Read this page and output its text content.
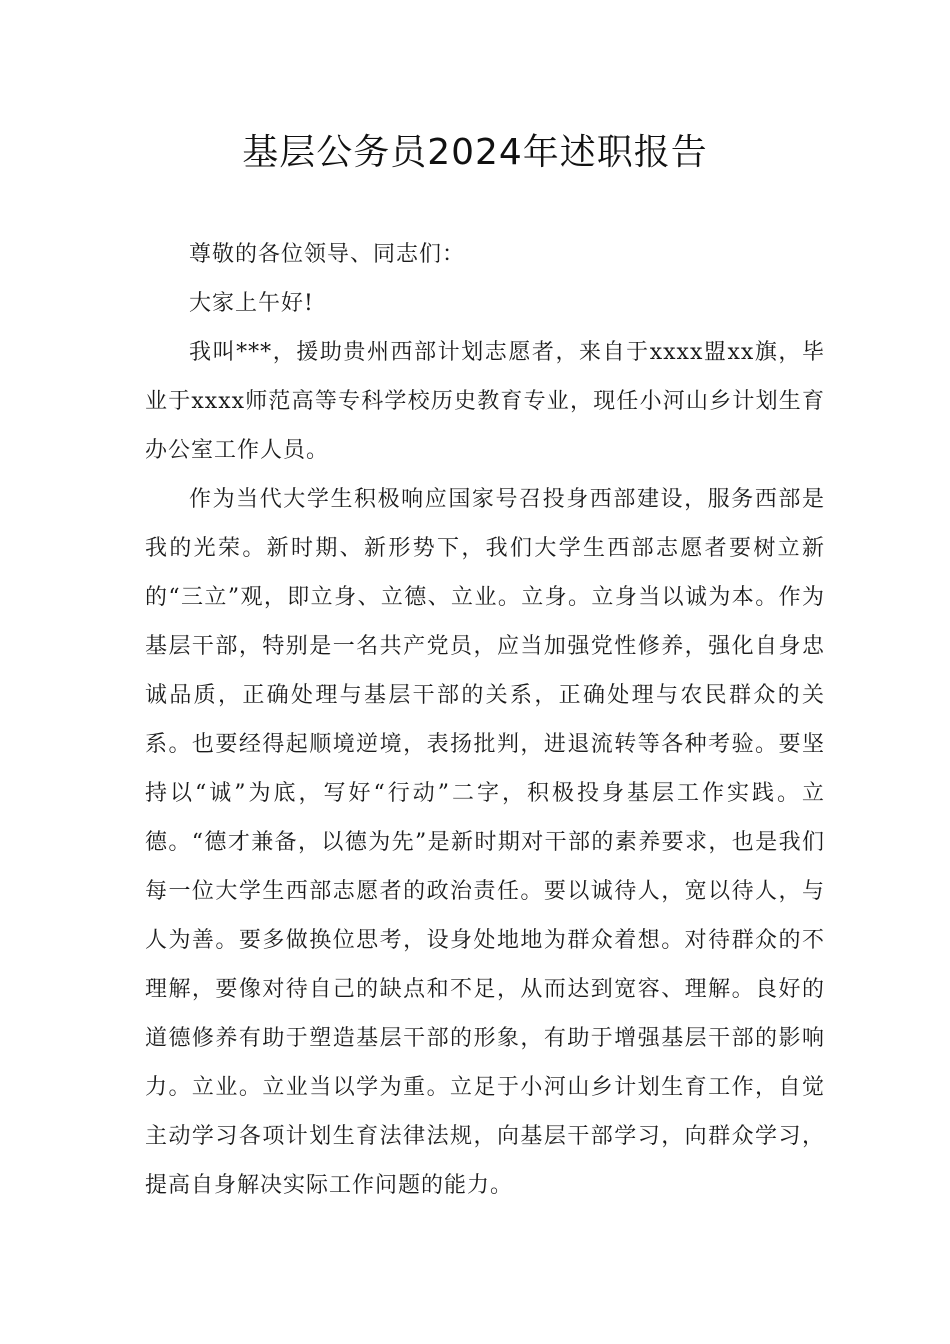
基层公务员2024年述职报告

尊敬的各位领导、同志们：

大家上午好!

我叫***，援助贵州西部计划志愿者，来自于xxxx盟xx旗，毕业于xxxx师范高等专科学校历史教育专业，现任小河山乡计划生育办公室工作人员。

作为当代大学生积极响应国家号召投身西部建设，服务西部是我的光荣。新时期、新形势下，我们大学生西部志愿者要树立新的“三立”观，即立身、立德、立业。立身。立身当以诚为本。作为基层干部，特别是一名共产党员，应当加强党性修养，强化自身忠诚品质，正确处理与基层干部的关系，正确处理与农民群众的关系。也要经得起顺境逆境，表扬批判，进退流转等各种考验。要坚持以“诚”为底，写好“行动”二字，积极投身基层工作实践。立德。“德才兼备，以德为先”是新时期对干部的素养要求，也是我们每一位大学生西部志愿者的政治责任。要以诚待人，宽以待人，与人为善。要多做换位思考，设身处地地为群众着想。对待群众的不理解，要像对待自己的缺点和不足，从而达到宽容、理解。良好的道德修养有助于塑造基层干部的形象，有助于增强基层干部的影响力。立业。立业当以学为重。立足于小河山乡计划生育工作，自觉主动学习各项计划生育法律法规，向基层干部学习，向群众学习，提高自身解决实际工作问题的能力。
